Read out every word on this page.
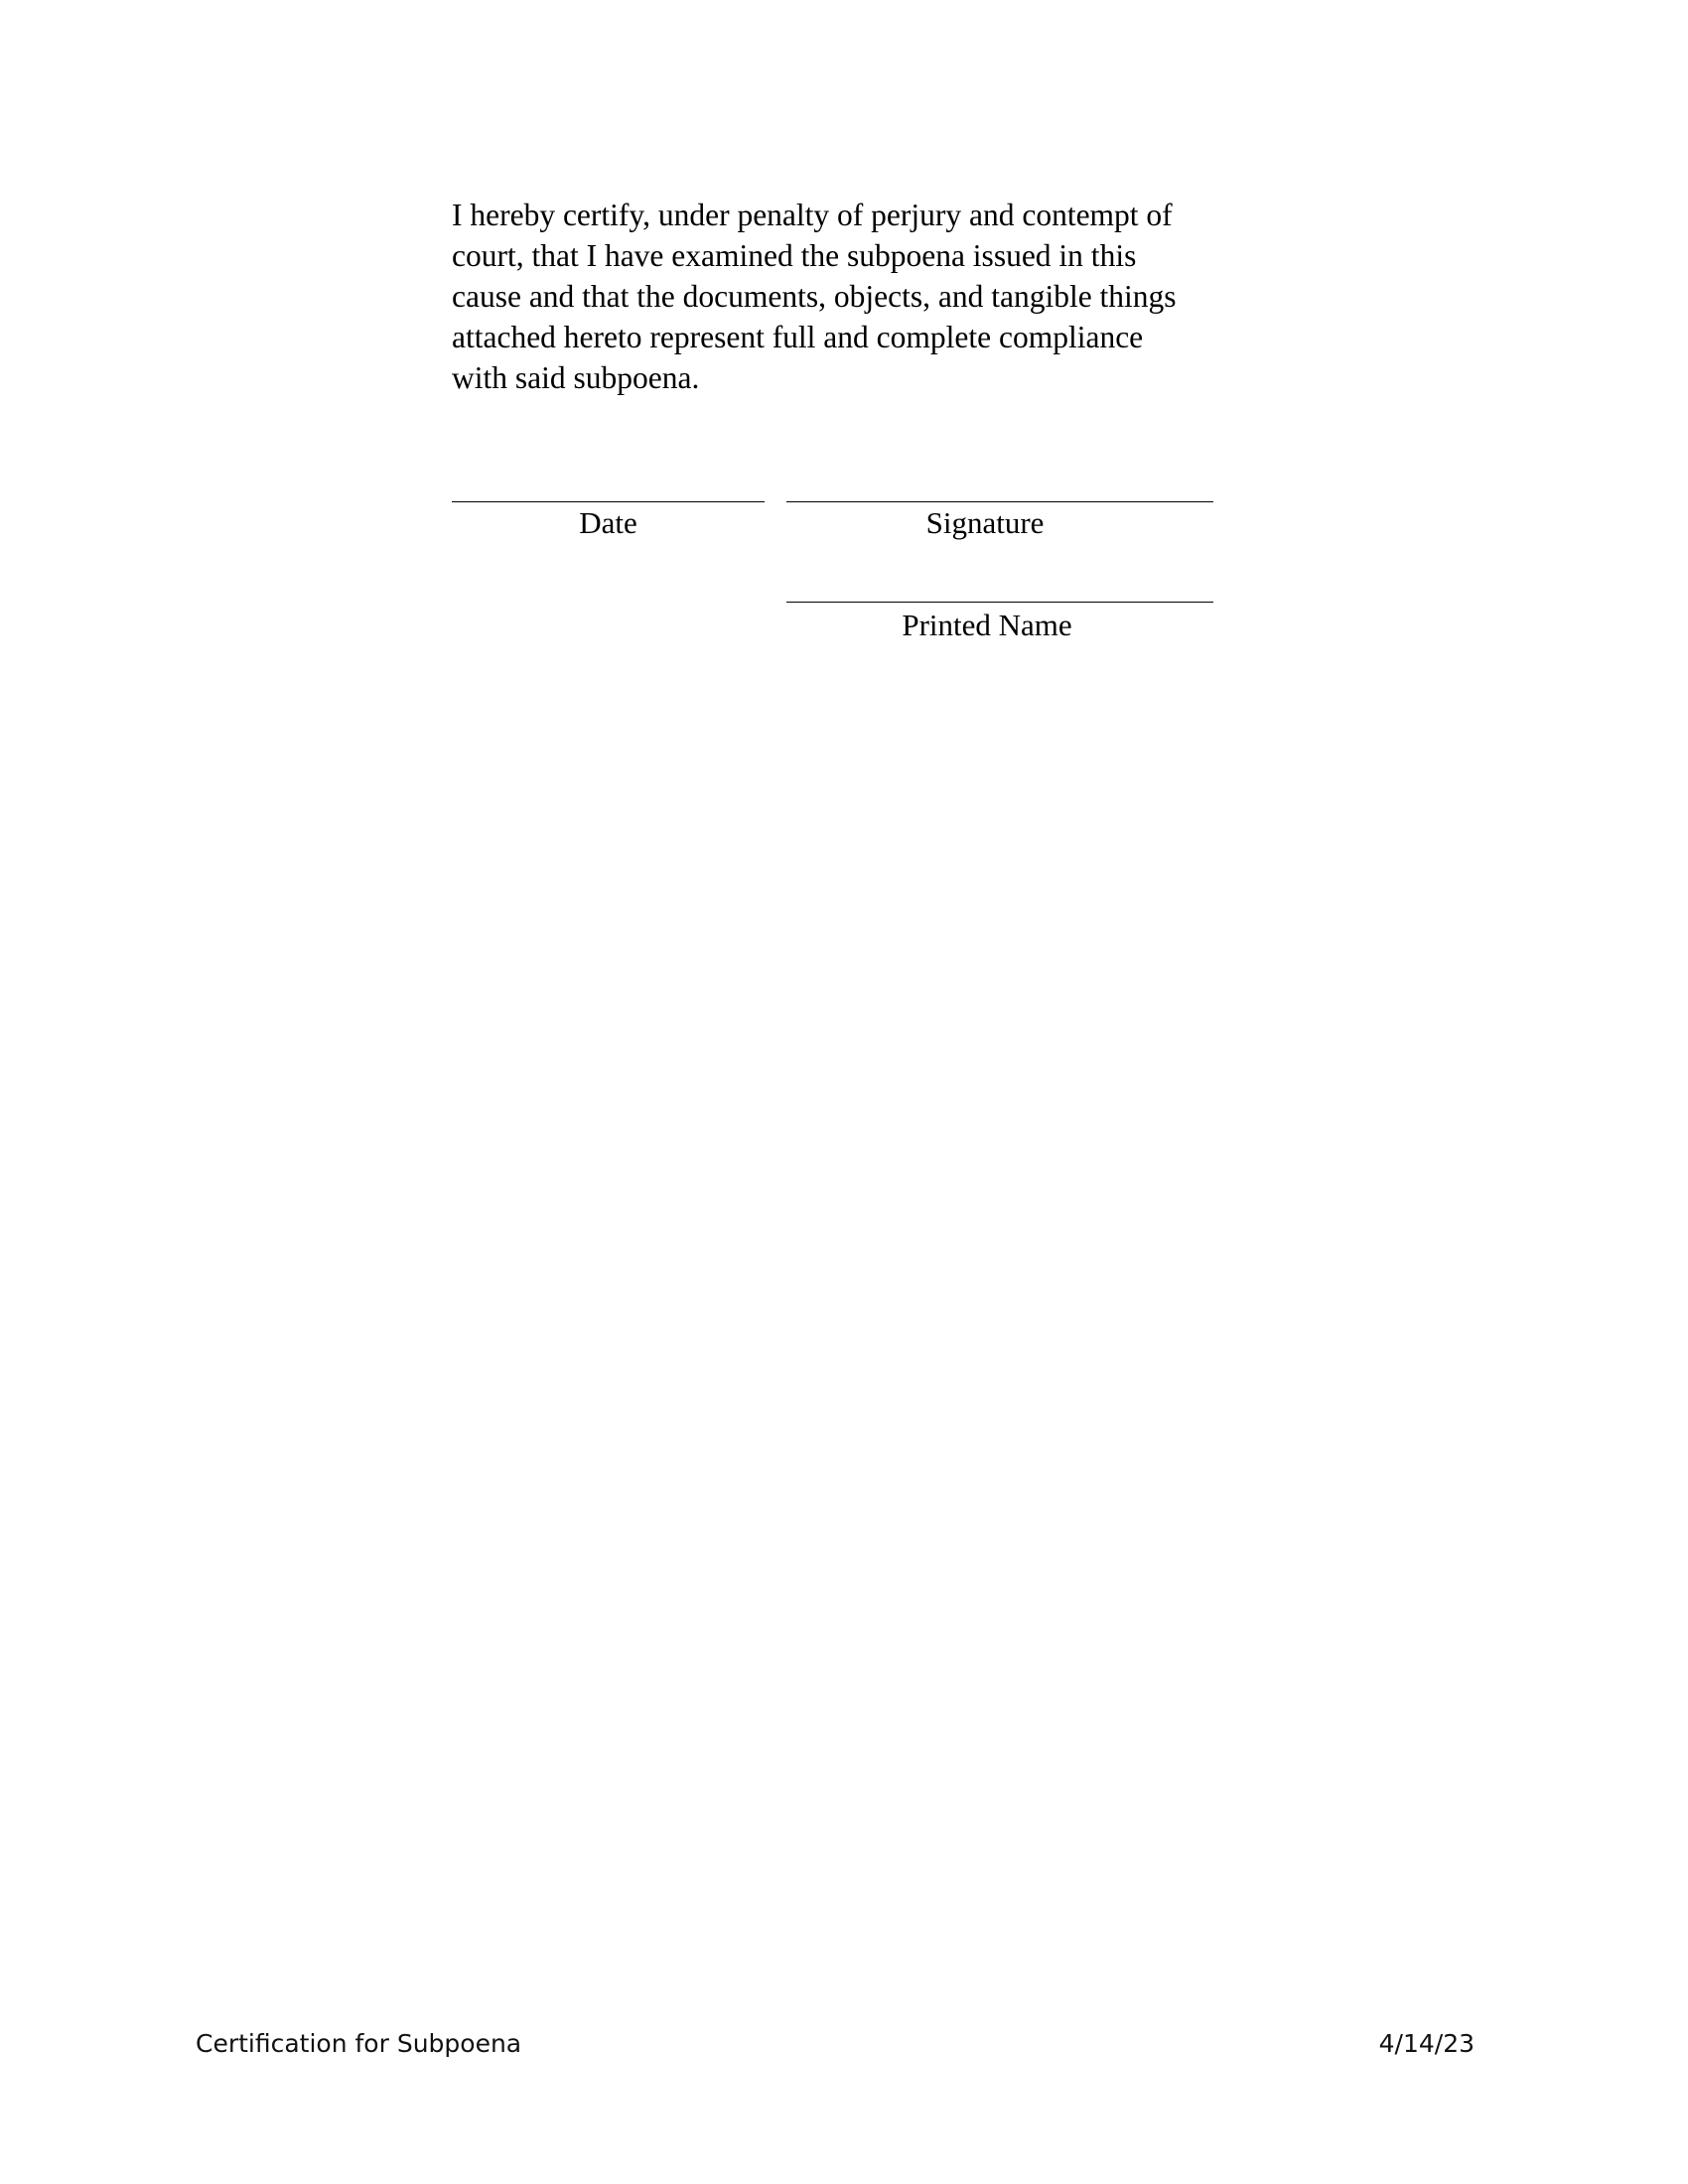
I hereby certify, under penalty of perjury and contempt of
court, that I have examined the subpoena issued in this
cause and that the documents, objects, and tangible things
attached hereto represent full and complete compliance
with said subpoena.
Date	Signature
Printed Name
Certification for Subpoena	4/14/23
